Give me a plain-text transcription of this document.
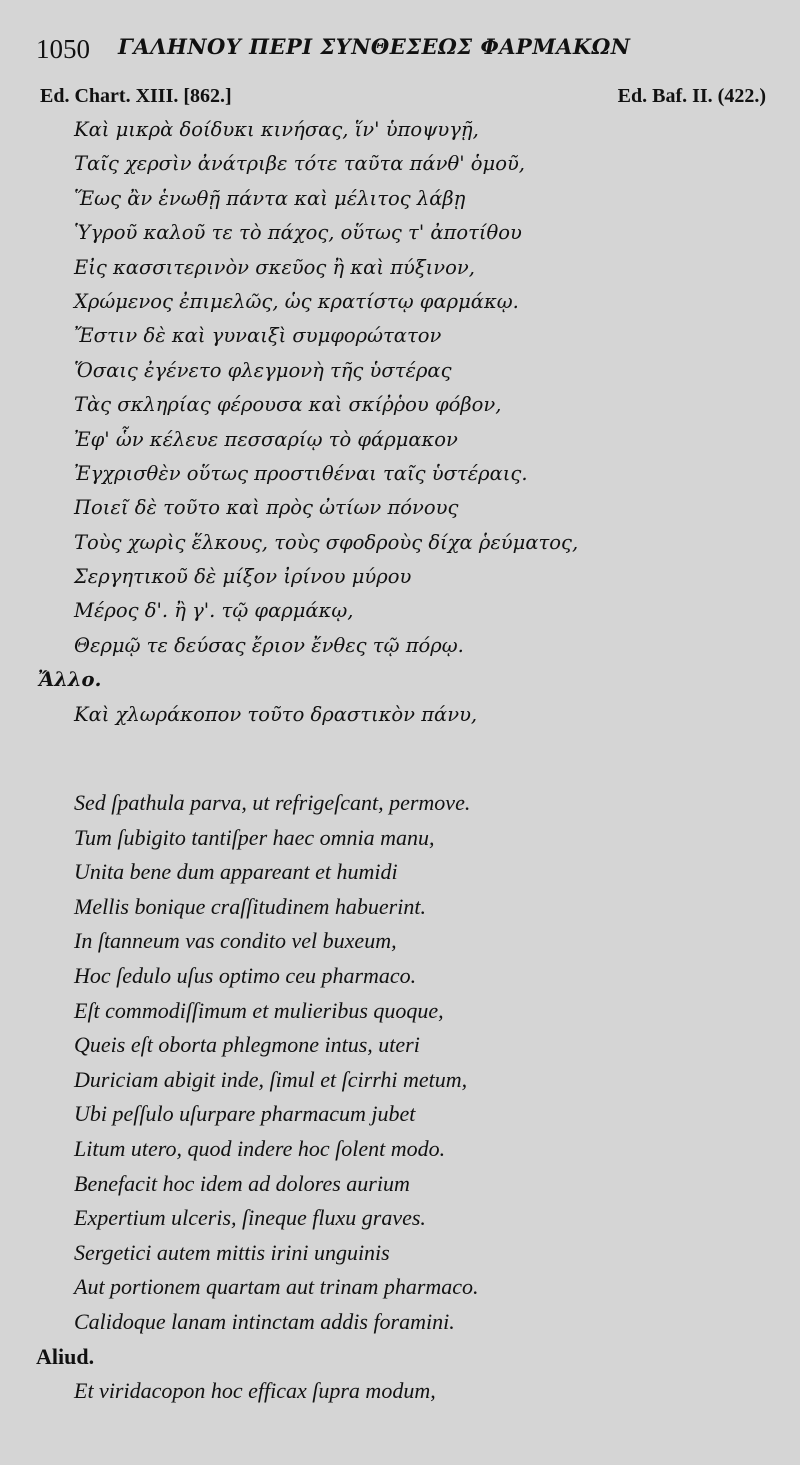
1050 ΓΑΛΗΝΟΥ ΠΕΡΙ ΣΥΝΘΕΣΕΩΣ ΦΑΡΜΑΚΩΝ
Ed. Chart. XIII. [862.]	Ed. Baf. II. (422.)
Καὶ μικρὰ δοίδυκι κινήσας, ἵν' ὑποψυγῇ,
Ταῖς χερσὶν ἀνάτριβε τότε ταῦτα πάνθ' ὁμοῦ,
Ἕως ἂν ἑνωθῇ πάντα καὶ μέλιτος λάβῃ
Ὑγροῦ καλοῦ τε τὸ πάχος, οὕτως τ' ἀποτίθου
Εἰς κασσιτερινὸν σκεῦος ἢ καὶ πύξινον,
Χρώμενος ἐπιμελῶς, ὡς κρατίστῳ φαρμάκῳ.
Ἔστιν δὲ καὶ γυναιξὶ συμφορώτατον
Ὅσαις ἐγένετο φλεγμονὴ τῆς ὑστέρας
Τὰς σκληρίας φέρουσα καὶ σκίῤῥου φόβον,
Ἐφ' ὧν κέλευε πεσσαρίῳ τὸ φάρμακον
Ἐγχρισθὲν οὕτως προστιθέναι ταῖς ὑστέραις.
Ποιεῖ δὲ τοῦτο καὶ πρὸς ὠτίων πόνους
Τοὺς χωρὶς ἕλκους, τοὺς σφοδροὺς δίχα ῥεύματος,
Σεργητικοῦ δὲ μίξον ἰρίνου μύρου
Μέρος δ'. ἢ γ'. τῷ φαρμάκῳ,
Θερμῷ τε δεύσας ἔριον ἔνθες τῷ πόρῳ.
Ἄλλο.
Καὶ χλωράκοπον τοῦτο δραστικὸν πάνυ,
Sed ſpathula parva, ut refrigeſcant, permove.
Tum ſubigito tantiſper haec omnia manu,
Unita bene dum appareant et humidi
Mellis bonique craſſitudinem habuerint.
In ſtanneum vas condito vel buxeum,
Hoc ſedulo uſus optimo ceu pharmaco.
Eſt commodiſſimum et mulieribus quoque,
Queis eſt oborta phlegmone intus, uteri
Duriciam abigit inde, ſimul et ſcirrhi metum,
Ubi peſſulo uſurpare pharmacum jubet
Litum utero, quod indere hoc ſolent modo.
Benefacit hoc idem ad dolores aurium
Expertium ulceris, ſineque fluxu graves.
Sergetici autem mittis irini unguinis
Aut portionem quartam aut trinam pharmaco.
Calidoque lanam intinctam addis foramini.
Aliud.
Et viridacopon hoc efficax ſupra modum,
